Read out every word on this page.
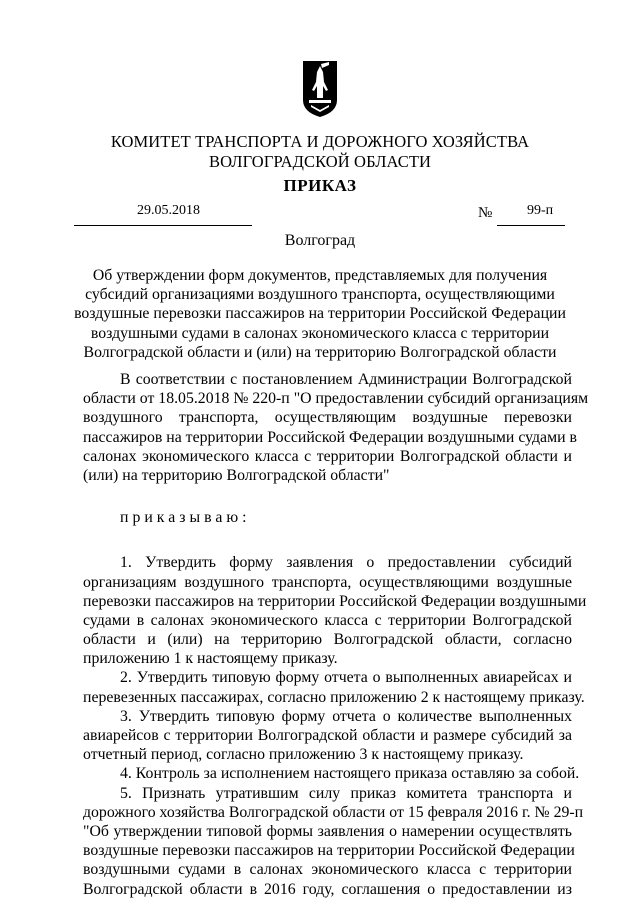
КОМИТЕТ ТРАНСПОРТА И ДОРОЖНОГО ХОЗЯЙСТВА
ВОЛГОГРАДСКОЙ ОБЛАСТИ
ПРИКАЗ
29.05.2018	№ 99-п
Волгоград
Об утверждении форм документов, представляемых для получения
субсидий организациями воздушного транспорта, осуществляющими
воздушные перевозки пассажиров на территории Российской Федерации
воздушными судами в салонах экономического класса с территории
Волгоградской области и (или) на территорию Волгоградской области
В соответствии с постановлением Администрации Волгоградской
области от 18.05.2018 № 220-п "О предоставлении субсидий организациям
воздушного транспорта, осуществляющим воздушные перевозки
пассажиров на территории Российской Федерации воздушными судами в
салонах экономического класса с территории Волгоградской области и
(или) на территорию Волгоградской области"
приказываю:
1. Утвердить форму заявления о предоставлении субсидий
организациям воздушного транспорта, осуществляющими воздушные
перевозки пассажиров на территории Российской Федерации воздушными
судами в салонах экономического класса с территории Волгоградской
области и (или) на территорию Волгоградской области, согласно
приложению 1 к настоящему приказу.
2. Утвердить типовую форму отчета о выполненных авиарейсах и
перевезенных пассажирах, согласно приложению 2 к настоящему приказу.
3. Утвердить типовую форму отчета о количестве выполненных
авиарейсов с территории Волгоградской области и размере субсидий за
отчетный период, согласно приложению 3 к настоящему приказу.
4. Контроль за исполнением настоящего приказа оставляю за собой.
5. Признать утратившим силу приказ комитета транспорта и
дорожного хозяйства Волгоградской области от 15 февраля 2016 г. № 29-п
"Об утверждении типовой формы заявления о намерении осуществлять
воздушные перевозки пассажиров на территории Российской Федерации
воздушными судами в салонах экономического класса с территории
Волгоградской области в 2016 году, соглашения о предоставлении из
